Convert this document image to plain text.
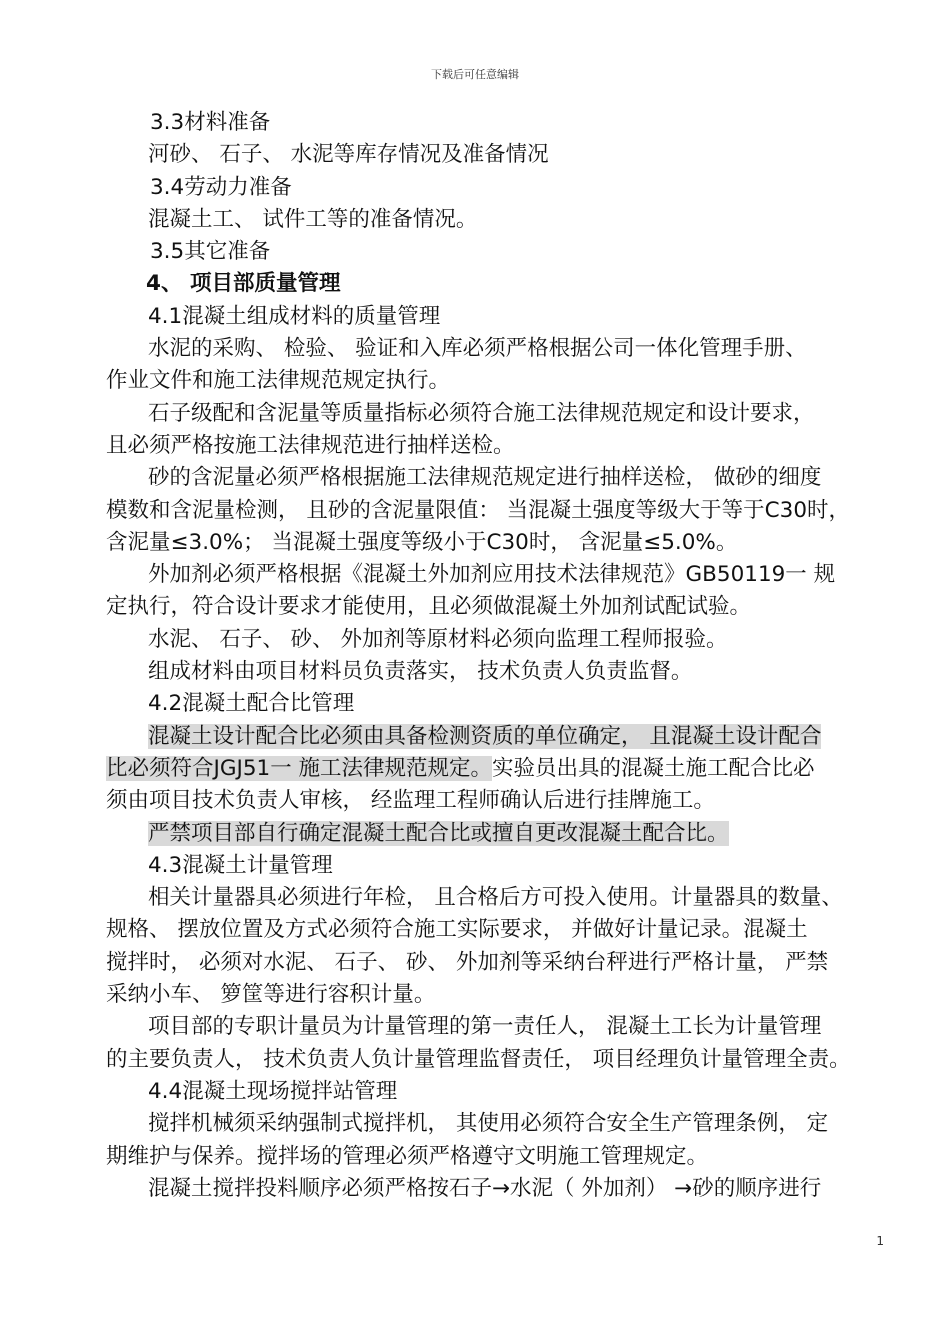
下载后可任意编辑
3.3材料准备
河砂、 石子、 水泥等库存情况及准备情况
3.4劳动力准备
混凝土工、 试件工等的准备情况。
3.5其它准备
4、 项目部质量管理
4.1混凝土组成材料的质量管理
水泥的采购、 检验、 验证和入库必须严格根据公司一体化管理手册、
作业文件和施工法律规范规定执行。
石子级配和含泥量等质量指标必须符合施工法律规范规定和设计要求，
且必须严格按施工法律规范进行抽样送检。
砂的含泥量必须严格根据施工法律规范规定进行抽样送检， 做砂的细度
模数和含泥量检测， 且砂的含泥量限值： 当混凝土强度等级大于等于C30时，
含泥量≤3.0%； 当混凝土强度等级小于C30时， 含泥量≤5.0%。
外加剂必须严格根据《混凝土外加剂应用技术法律规范》GB50119一 规
定执行，符合设计要求才能使用，且必须做混凝土外加剂试配试验。
水泥、 石子、 砂、 外加剂等原材料必须向监理工程师报验。
组成材料由项目材料员负责落实， 技术负责人负责监督。
4.2混凝土配合比管理
混凝土设计配合比必须由具备检测资质的单位确定， 且混凝土设计配合
比必须符合JGJ51一 施工法律规范规定。实验员出具的混凝土施工配合比必
须由项目技术负责人审核， 经监理工程师确认后进行挂牌施工。
严禁项目部自行确定混凝土配合比或擅自更改混凝土配合比。
4.3混凝土计量管理
相关计量器具必须进行年检， 且合格后方可投入使用。计量器具的数量、
规格、 摆放位置及方式必须符合施工实际要求， 并做好计量记录。混凝土
搅拌时， 必须对水泥、 石子、 砂、 外加剂等采纳台秤进行严格计量， 严禁
采纳小车、 箩筐等进行容积计量。
项目部的专职计量员为计量管理的第一责任人， 混凝土工长为计量管理
的主要负责人， 技术负责人负计量管理监督责任， 项目经理负计量管理全责。
4.4混凝土现场搅拌站管理
搅拌机械须采纳强制式搅拌机， 其使用必须符合安全生产管理条例， 定
期维护与保养。搅拌场的管理必须严格遵守文明施工管理规定。
混凝土搅拌投料顺序必须严格按石子→水泥（ 外加剂） →砂的顺序进行
1
